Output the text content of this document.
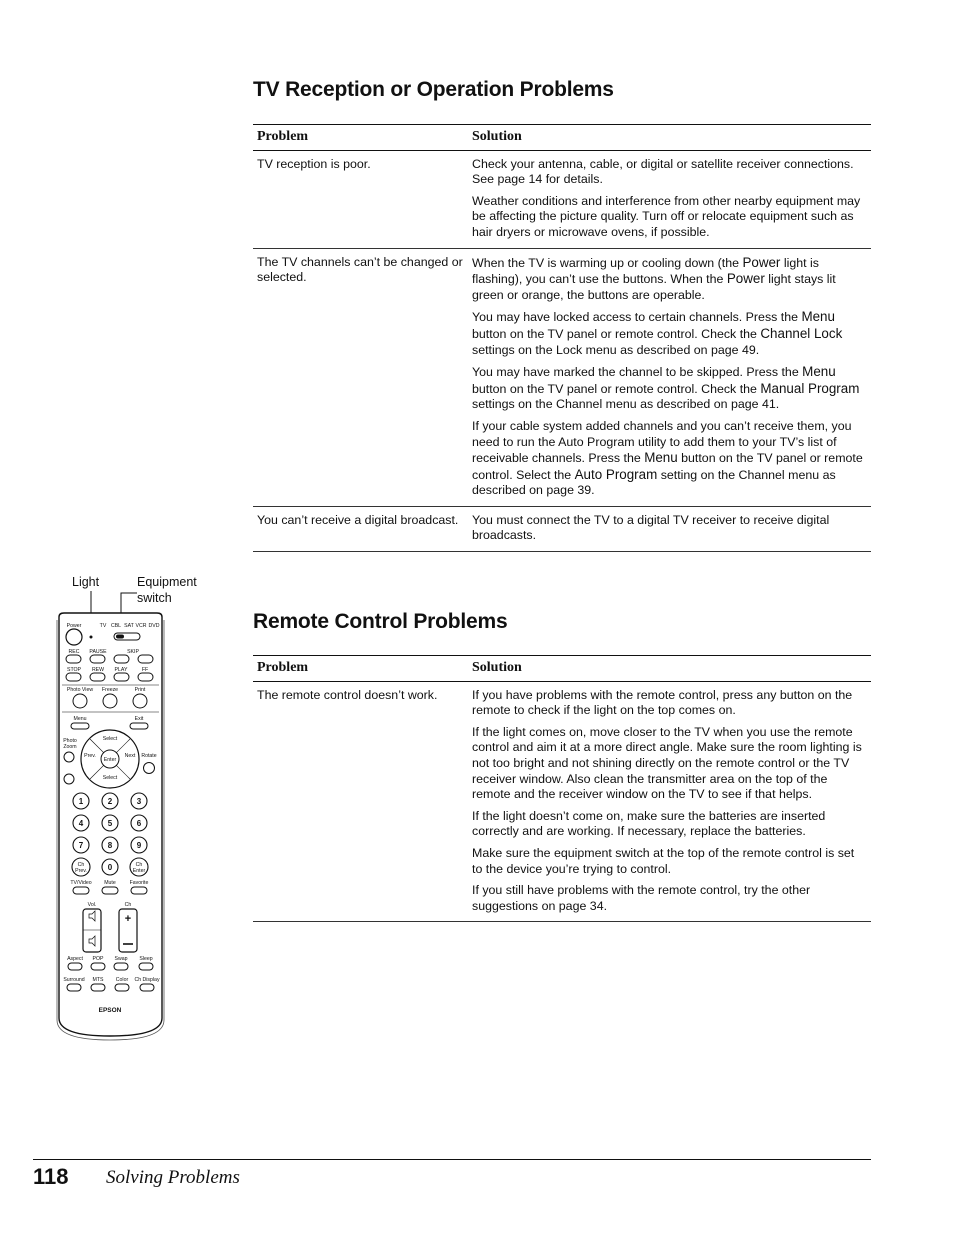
TV Reception or Operation Problems
Problem	Solution
TV reception is poor.	Check your antenna, cable, or digital or satellite receiver connections. See page 14 for details.

Weather conditions and interference from other nearby equipment may be affecting the picture quality. Turn off or relocate equipment such as hair dryers or microwave ovens, if possible.

The TV channels can’t be changed or selected.	When the TV is warming up or cooling down (the Power light is flashing), you can’t use the buttons. When the Power light stays lit green or orange, the buttons are operable.

You may have locked access to certain channels. Press the Menu button on the TV panel or remote control. Check the Channel Lock settings on the Lock menu as described on page 49.

You may have marked the channel to be skipped. Press the Menu button on the TV panel or remote control. Check the Manual Program settings on the Channel menu as described on page 41.

If your cable system added channels and you can’t receive them, you need to run the Auto Program utility to add them to your TV’s list of receivable channels. Press the Menu button on the TV panel or remote control. Select the Auto Program setting on the Channel menu as described on page 39.

You can’t receive a digital broadcast.	You must connect the TV to a digital TV receiver to receive digital broadcasts.

Remote Control Problems
Problem	Solution
The remote control doesn’t work.	If you have problems with the remote control, press any button on the remote to check if the light on the top comes on.

If the light comes on, move closer to the TV when you use the remote control and aim it at a more direct angle. Make sure the room lighting is not too bright and not shining directly on the remote control or the TV receiver window. Also clean the transmitter area on the top of the remote and the receiver window on the TV to see if that helps.

If the light doesn’t come on, make sure the batteries are inserted correctly and are working. If necessary, replace the batteries.

Make sure the equipment switch at the top of the remote control is set to the device you’re trying to control.

If you still have problems with the remote control, try the other suggestions on page 34.

Light	Equipment
switch
Power	TV CBL SAT VCR DVD
REC PAUSE	SKIP
STOP REW PLAY	FF
Photo View Freeze	Print
Menu	Exit
Photo
Zoom
Rotate
Enter
Select
Select
Prev.	Next
1	2	3
4	5	6
7	8	9
0
Ch
Prev.
Ch
Enter
TV/Video Mute	Favorite
Vol.	Ch
+
Aspect POP Swap Sleep
Surround MTS Color Ch Display
EPSON
118 Solving Problems
